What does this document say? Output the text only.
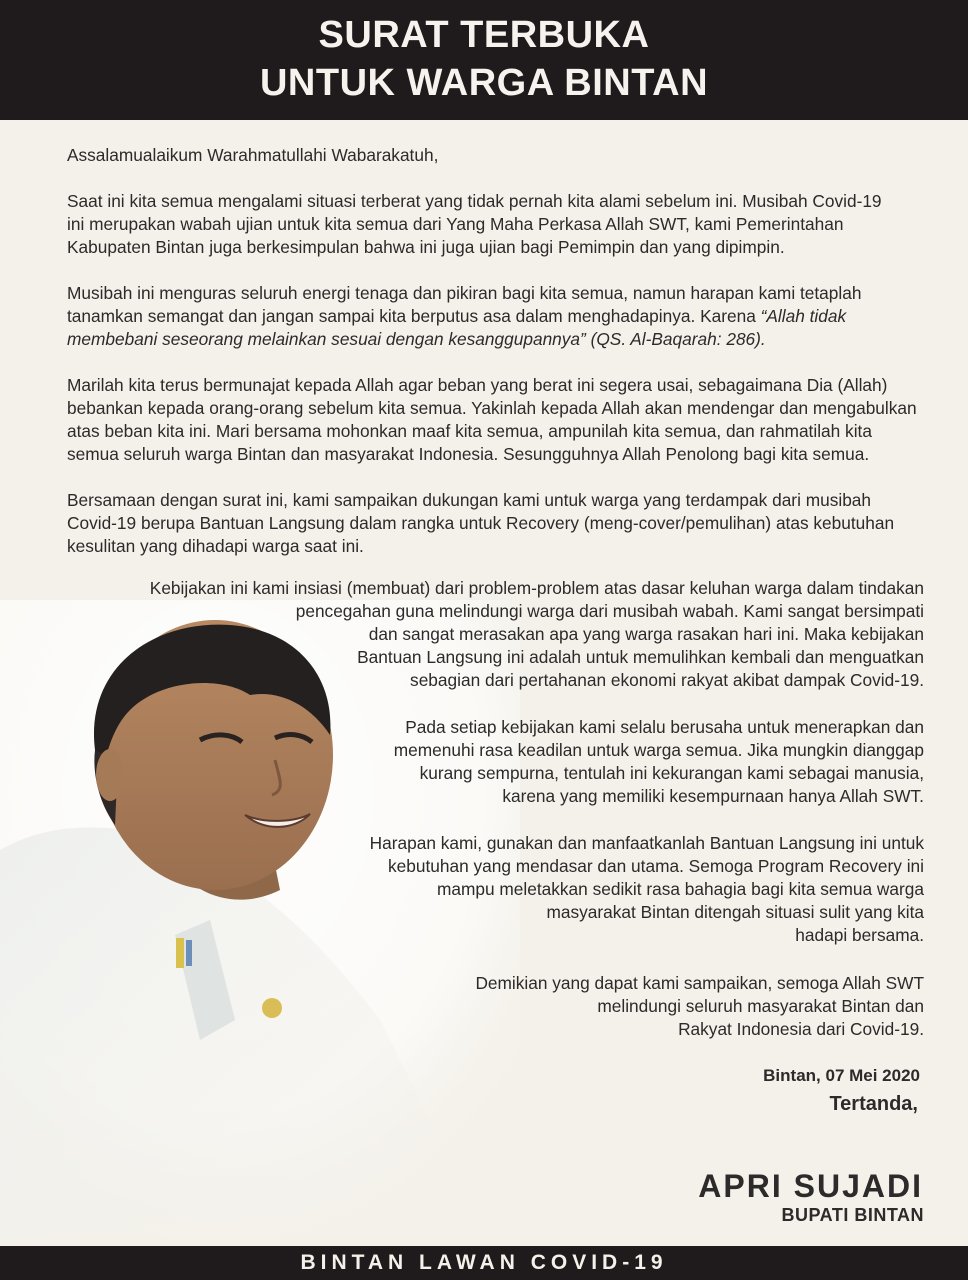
SURAT TERBUKA
UNTUK WARGA BINTAN

Assalamualaikum Warahmatullahi Wabarakatuh,

Saat ini kita semua mengalami situasi terberat yang tidak pernah kita alami sebelum ini. Musibah Covid-19
ini merupakan wabah ujian untuk kita semua dari Yang Maha Perkasa Allah SWT, kami Pemerintahan
Kabupaten Bintan juga berkesimpulan bahwa ini juga ujian bagi Pemimpin dan yang dipimpin.

Musibah ini menguras seluruh energi tenaga dan pikiran bagi kita semua, namun harapan kami tetaplah
tanamkan semangat dan jangan sampai kita berputus asa dalam menghadapinya. Karena “Allah tidak
membebani seseorang melainkan sesuai dengan kesanggupannya” (QS. Al-Baqarah: 286).

Marilah kita terus bermunajat kepada Allah agar beban yang berat ini segera usai, sebagaimana Dia (Allah)
bebankan kepada orang-orang sebelum kita semua. Yakinlah kepada Allah akan mendengar dan mengabulkan
atas beban kita ini. Mari bersama mohonkan maaf kita semua, ampunilah kita semua, dan rahmatilah kita
semua seluruh warga Bintan dan masyarakat Indonesia. Sesungguhnya Allah Penolong bagi kita semua.

Bersamaan dengan surat ini, kami sampaikan dukungan kami untuk warga yang terdampak dari musibah
Covid-19 berupa Bantuan Langsung dalam rangka untuk Recovery (meng-cover/pemulihan) atas kebutuhan
kesulitan yang dihadapi warga saat ini.

Kebijakan ini kami insiasi (membuat) dari problem-problem atas dasar keluhan warga dalam tindakan
pencegahan guna melindungi warga dari musibah wabah. Kami sangat bersimpati
dan sangat merasakan apa yang warga rasakan hari ini. Maka kebijakan
Bantuan Langsung ini adalah untuk memulihkan kembali dan menguatkan
sebagian dari pertahanan ekonomi rakyat akibat dampak Covid-19.

Pada setiap kebijakan kami selalu berusaha untuk menerapkan dan
memenuhi rasa keadilan untuk warga semua. Jika mungkin dianggap
kurang sempurna, tentulah ini kekurangan kami sebagai manusia,
karena yang memiliki kesempurnaan hanya Allah SWT.

Harapan kami, gunakan dan manfaatkanlah Bantuan Langsung ini untuk
kebutuhan yang mendasar dan utama. Semoga Program Recovery ini
mampu meletakkan sedikit rasa bahagia bagi kita semua warga
masyarakat Bintan ditengah situasi sulit yang kita
hadapi bersama.

Demikian yang dapat kami sampaikan, semoga Allah SWT
melindungi seluruh masyarakat Bintan dan
Rakyat Indonesia dari Covid-19.

Bintan, 07 Mei 2020
Tertanda,
APRI SUJADI
BUPATI BINTAN
BINTAN LAWAN COVID-19
